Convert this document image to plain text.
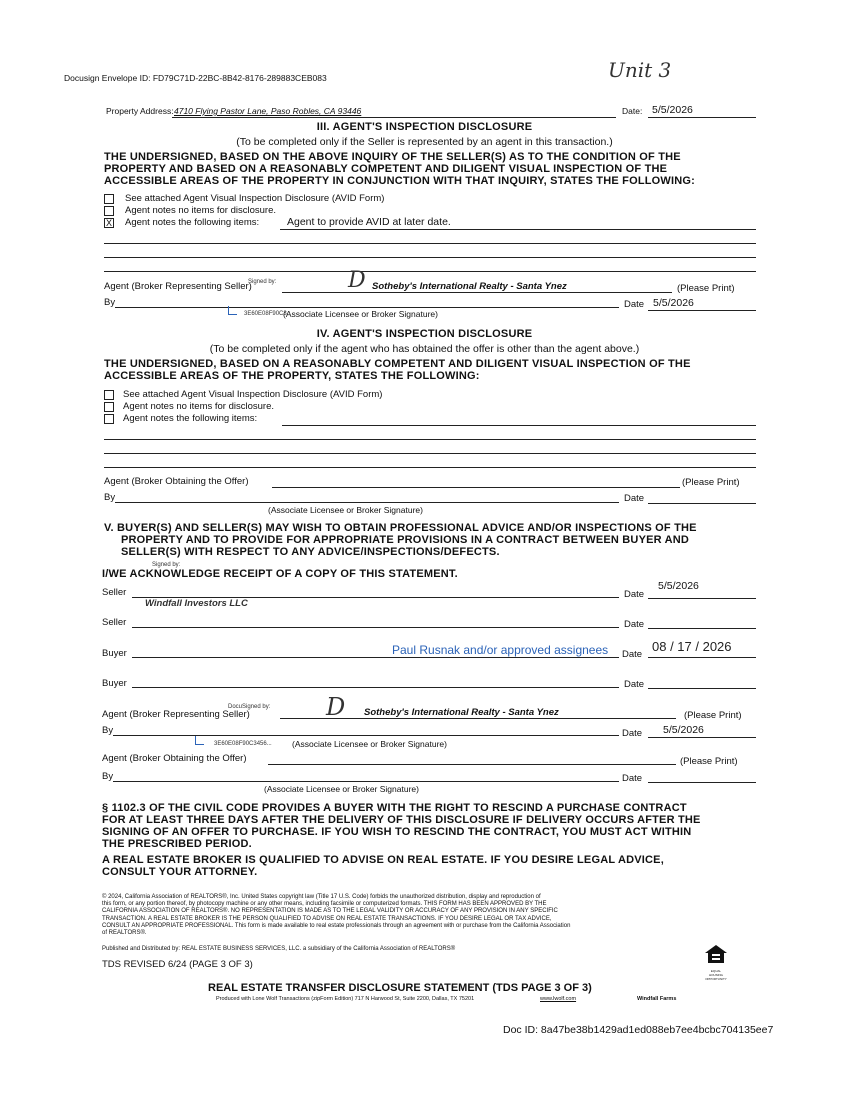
Docusign Envelope ID: FD79C71D-22BC-8B42-8176-289883CEB083	Unit 3
Property Address: 4710 Flying Pastor Lane, Paso Robles, CA 93446	Date: 5/5/2026
III. AGENT'S INSPECTION DISCLOSURE
(To be completed only if the Seller is represented by an agent in this transaction.)
THE UNDERSIGNED, BASED ON THE ABOVE INQUIRY OF THE SELLER(S) AS TO THE CONDITION OF THE
PROPERTY AND BASED ON A REASONABLY COMPETENT AND DILIGENT VISUAL INSPECTION OF THE
ACCESSIBLE AREAS OF THE PROPERTY IN CONJUNCTION WITH THAT INQUIRY, STATES THE FOLLOWING:
See attached Agent Visual Inspection Disclosure (AVID Form)
Agent notes no items for disclosure.
X Agent notes the following items:	Agent to provide AVID at later date.
Agent (Broker Representing Seller)
Signed by:	D Sotheby's International Realty - Santa Ynez	(Please Print)
By
3E60E08F90C3
(Associate Licensee or Broker Signature)
Date 5/5/2026
IV. AGENT'S INSPECTION DISCLOSURE
(To be completed only if the agent who has obtained the offer is other than the agent above.)
THE UNDERSIGNED, BASED ON A REASONABLY COMPETENT AND DILIGENT VISUAL INSPECTION OF THE
ACCESSIBLE AREAS OF THE PROPERTY, STATES THE FOLLOWING:
See attached Agent Visual Inspection Disclosure (AVID Form)
Agent notes no items for disclosure.
Agent notes the following items:
Agent (Broker Obtaining the Offer)	(Please Print)
By
(Associate Licensee or Broker Signature)
Date
V. BUYER(S) AND SELLER(S) MAY WISH TO OBTAIN PROFESSIONAL ADVICE AND/OR INSPECTIONS OF THE
PROPERTY AND TO PROVIDE FOR APPROPRIATE PROVISIONS IN A CONTRACT BETWEEN BUYER AND
SELLER(S) WITH RESPECT TO ANY ADVICE/INSPECTIONS/DEFECTS.
Signed by:
I/WE ACKNOWLEDGE RECEIPT OF A COPY OF THIS STATEMENT.
Seller	Date
5/5/2026
Windfall Investors LLC
Seller	Date
Buyer	Paul Rusnak and/or approved assignees Date
08 / 17 / 2026
Buyer	Date
Agent (Broker Representing Seller)
DocuSigned by: D Sotheby's International Realty - Santa Ynez	(Please Print)
By
3E60E08F90C3456... (Associate Licensee or Broker Signature)
Date 5/5/2026
Agent (Broker Obtaining the Offer)	(Please Print)
By
(Associate Licensee or Broker Signature)
Date
§ 1102.3 OF THE CIVIL CODE PROVIDES A BUYER WITH THE RIGHT TO RESCIND A PURCHASE CONTRACT
FOR AT LEAST THREE DAYS AFTER THE DELIVERY OF THIS DISCLOSURE IF DELIVERY OCCURS AFTER THE
SIGNING OF AN OFFER TO PURCHASE. IF YOU WISH TO RESCIND THE CONTRACT, YOU MUST ACT WITHIN
THE PRESCRIBED PERIOD.
A REAL ESTATE BROKER IS QUALIFIED TO ADVISE ON REAL ESTATE. IF YOU DESIRE LEGAL ADVICE,
CONSULT YOUR ATTORNEY.
© 2024, California Association of REALTORS®, Inc. United States copyright law (Title 17 U.S. Code) forbids the unauthorized distribution, display and reproduction of
this form, or any portion thereof, by photocopy machine or any other means, including facsimile or computerized formats. THIS FORM HAS BEEN APPROVED BY THE
CALIFORNIA ASSOCIATION OF REALTORS®. NO REPRESENTATION IS MADE AS TO THE LEGAL VALIDITY OR ACCURACY OF ANY PROVISION IN ANY SPECIFIC
TRANSACTION. A REAL ESTATE BROKER IS THE PERSON QUALIFIED TO ADVISE ON REAL ESTATE TRANSACTIONS. IF YOU DESIRE LEGAL OR TAX ADVICE,
CONSULT AN APPROPRIATE PROFESSIONAL. This form is made available to real estate professionals through an agreement with or purchase from the California Association
of REALTORS®.
Published and Distributed by: REAL ESTATE BUSINESS SERVICES, LLC. a subsidiary of the California Association of REALTORS®
TDS REVISED 6/24 (PAGE 3 OF 3)
EQUAL HOUSING OPPORTUNITY
REAL ESTATE TRANSFER DISCLOSURE STATEMENT (TDS PAGE 3 OF 3)
Produced with Lone Wolf Transactions (zipForm Edition) 717 N Harwood St, Suite 2200, Dallas, TX 75201	www.lwolf.com	Windfall Farms
Doc ID: 8a47be38b1429ad1ed088eb7ee4bcbc704135ee7
